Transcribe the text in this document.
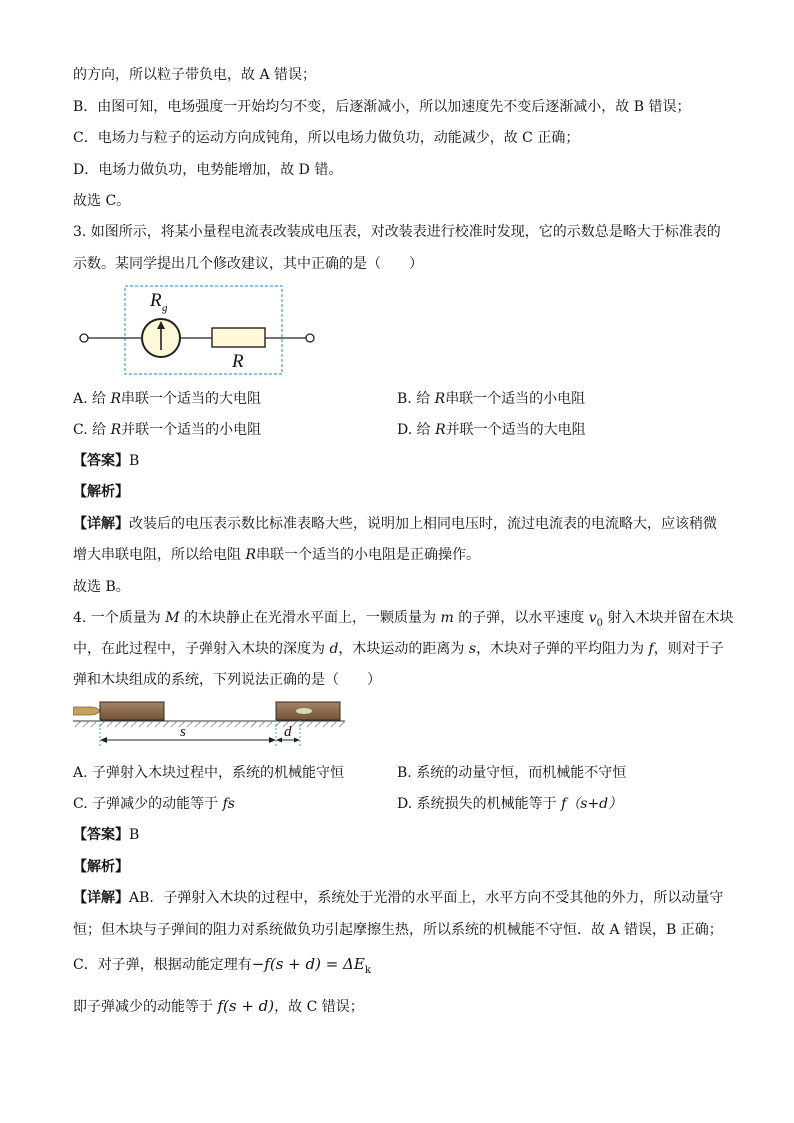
的方向，所以粒子带负电，故 A 错误；
B．由图可知，电场强度一开始均匀不变，后逐渐减小，所以加速度先不变后逐渐减小，故 B 错误；
C．电场力与粒子的运动方向成钝角，所以电场力做负功，动能减少，故 C 正确；
D．电场力做负功，电势能增加，故 D 错。
故选 C。
3. 如图所示，将某小量程电流表改装成电压表，对改装表进行校准时发现，它的示数总是略大于标准表的
示数。某同学提出几个修改建议，其中正确的是（　　）
R g
R
A. 给 R串联一个适当的大电阻	B. 给 R串联一个适当的小电阻
C. 给 R并联一个适当的小电阻	D. 给 R并联一个适当的大电阻
【答案】B
【解析】
【详解】改装后的电压表示数比标准表略大些，说明加上相同电压时，流过电流表的电流略大，应该稍微
增大串联电阻，所以给电阻 R串联一个适当的小电阻是正确操作。
故选 B。
4. 一个质量为 M 的木块静止在光滑水平面上，一颗质量为 m 的子弹，以水平速度 $v_0$ 射入木块并留在木块
中，在此过程中，子弹射入木块的深度为 d，木块运动的距离为 s，木块对子弹的平均阻力为 f，则对于子
弹和木块组成的系统，下列说法正确的是（　　）
s	d
A. 子弹射入木块过程中，系统的机械能守恒	B. 系统的动量守恒，而机械能不守恒
C. 子弹减少的动能等于 fs	D. 系统损失的机械能等于 f（s+d）
【答案】B
【解析】
【详解】AB．子弹射入木块的过程中，系统处于光滑的水平面上，水平方向不受其他的外力，所以动量守
恒；但木块与子弹间的阻力对系统做负功引起摩擦生热，所以系统的机械能不守恒．故 A 错误，B 正确；
C．对子弹，根据动能定理有$-f(s + d) = \Delta E_k$
即子弹减少的动能等于 f(s + d)，故 C 错误；
